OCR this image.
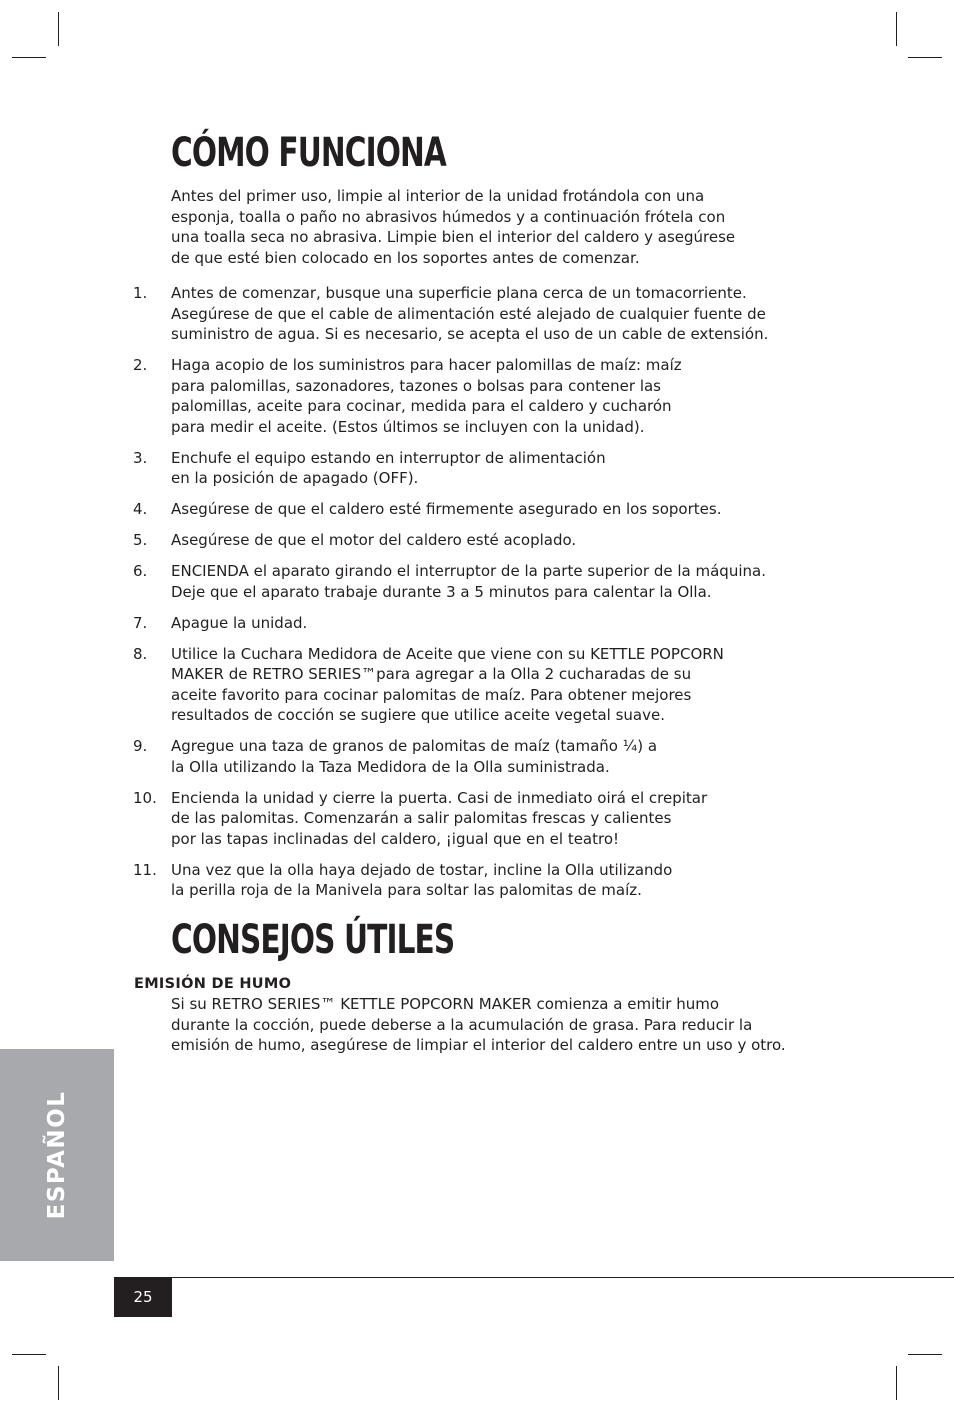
CÓMO FUNCIONA

Antes del primer uso, limpie al interior de la unidad frotándola con una
esponja, toalla o paño no abrasivos húmedos y a continuación frótela con
una toalla seca no abrasiva. Limpie bien el interior del caldero y asegúrese
de que esté bien colocado en los soportes antes de comenzar.

1. Antes de comenzar, busque una superficie plana cerca de un tomacorriente.
Asegúrese de que el cable de alimentación esté alejado de cualquier fuente de
suministro de agua. Si es necesario, se acepta el uso de un cable de extensión.
2. Haga acopio de los suministros para hacer palomillas de maíz: maíz
para palomillas, sazonadores, tazones o bolsas para contener las
palomillas, aceite para cocinar, medida para el caldero y cucharón
para medir el aceite. (Estos últimos se incluyen con la unidad).
3. Enchufe el equipo estando en interruptor de alimentación
en la posición de apagado (OFF).
4. Asegúrese de que el caldero esté firmemente asegurado en los soportes.
5. Asegúrese de que el motor del caldero esté acoplado.
6. ENCIENDA el aparato girando el interruptor de la parte superior de la máquina.
Deje que el aparato trabaje durante 3 a 5 minutos para calentar la Olla.
7. Apague la unidad.
8. Utilice la Cuchara Medidora de Aceite que viene con su KETTLE POPCORN
MAKER de RETRO SERIES™para agregar a la Olla 2 cucharadas de su
aceite favorito para cocinar palomitas de maíz. Para obtener mejores
resultados de cocción se sugiere que utilice aceite vegetal suave.
9. Agregue una taza de granos de palomitas de maíz (tamaño ¼) a
la Olla utilizando la Taza Medidora de la Olla suministrada.
10. Encienda la unidad y cierre la puerta. Casi de inmediato oirá el crepitar
de las palomitas. Comenzarán a salir palomitas frescas y calientes
por las tapas inclinadas del caldero, ¡igual que en el teatro!
11. Una vez que la olla haya dejado de tostar, incline la Olla utilizando
la perilla roja de la Manivela para soltar las palomitas de maíz.
CONSEJOS ÚTILES
EMISIÓN DE HUMO

Si su RETRO SERIES™ KETTLE POPCORN MAKER comienza a emitir humo
durante la cocción, puede deberse a la acumulación de grasa. Para reducir la
emisión de humo, asegúrese de limpiar el interior del caldero entre un uso y otro.

ESPAÑOL
25
